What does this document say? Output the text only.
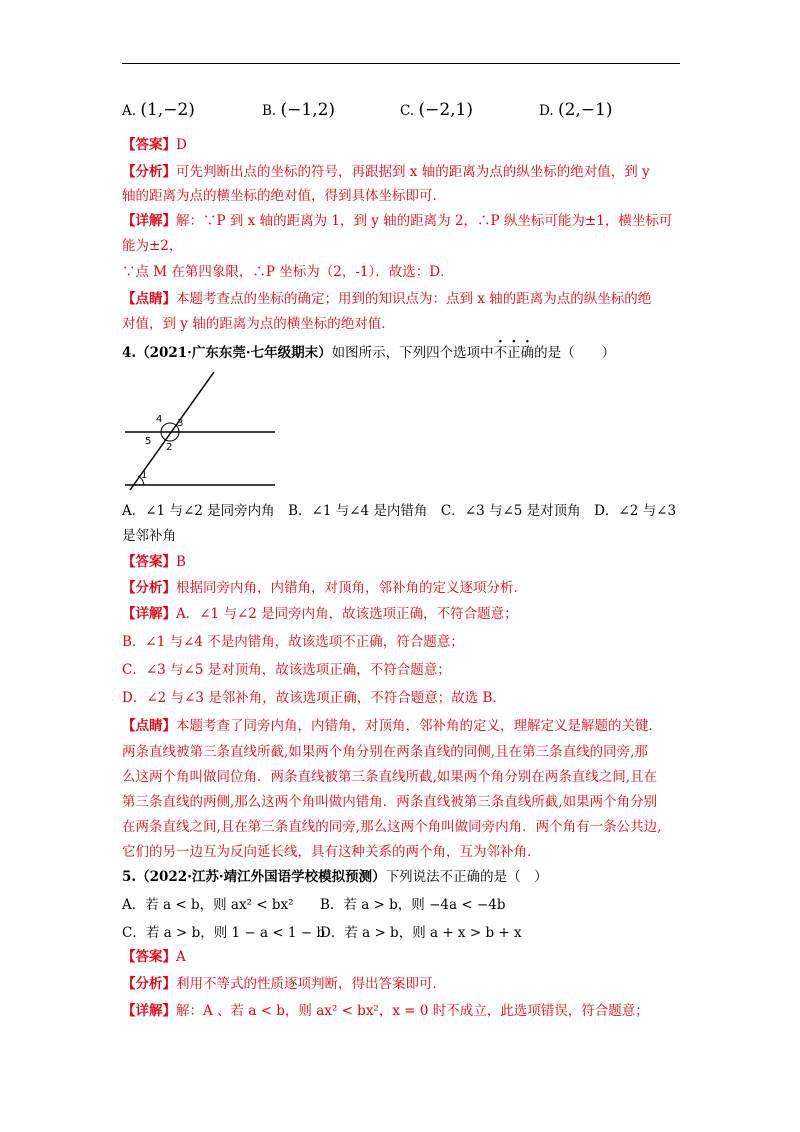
A. (1,−2)	B. (−1,2)	C. (−2,1)	D. (2,−1)
【答案】D
【分析】可先判断出点的坐标的符号，再跟据到 x 轴的距离为点的纵坐标的绝对值，到 y
轴的距离为点的横坐标的绝对值，得到具体坐标即可.
【详解】解：∵P 到 x 轴的距离为 1，到 y 轴的距离为 2，∴P 纵坐标可能为±1，横坐标可
能为±2，
∵点 M 在第四象限，∴P 坐标为（2，-1）．故选：D．
【点睛】本题考查点的坐标的确定；用到的知识点为：点到 x 轴的距离为点的纵坐标的绝
对值，到 y 轴的距离为点的横坐标的绝对值．
4.（2021·广东东莞·七年级期末）如图所示，下列四个选项中不正确的是（　　）
4 3
5
2
1
A．∠1 与∠2 是同旁内角　B．∠1 与∠4 是内错角　C．∠3 与∠5 是对顶角　D．∠2 与∠3
是邻补角
【答案】B
【分析】根据同旁内角，内错角，对顶角，邻补角的定义逐项分析．
【详解】A．∠1 与∠2 是同旁内角，故该选项正确，不符合题意；
B．∠1 与∠4 不是内错角，故该选项不正确，符合题意；
C．∠3 与∠5 是对顶角，故该选项正确，不符合题意；
D．∠2 与∠3 是邻补角，故该选项正确，不符合题意；故选 B．
【点睛】本题考查了同旁内角，内错角，对顶角，邻补角的定义，理解定义是解题的关键．
两条直线被第三条直线所截,如果两个角分别在两条直线的同侧,且在第三条直线的同旁,那
么这两个角叫做同位角．两条直线被第三条直线所截,如果两个角分别在两条直线之间,且在
第三条直线的两侧,那么这两个角叫做内错角．两条直线被第三条直线所截,如果两个角分别
在两条直线之间,且在第三条直线的同旁,那么这两个角叫做同旁内角．两个角有一条公共边,
它们的另一边互为反向延长线，具有这种关系的两个角，互为邻补角．
5.（2022·江苏·靖江外国语学校模拟预测）下列说法不正确的是（　）
A．若 a < b，则 ax² < bx² B．若 a > b，则 −4a < −4b
C．若 a > b，则 1 − a < 1 − b
D．若 a > b，则 a + x > b + x
【答案】A
【分析】利用不等式的性质逐项判断，得出答案即可．
【详解】解：A 、若 a < b，则 ax² < bx²，x = 0 时不成立，此选项错误，符合题意；
